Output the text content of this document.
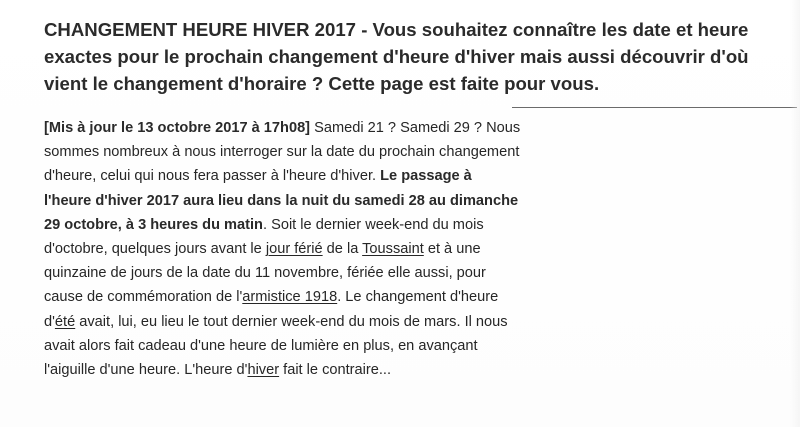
CHANGEMENT HEURE HIVER 2017 - Vous souhaitez connaître les date et heure exactes pour le prochain changement d'heure d'hiver mais aussi découvrir d'où vient le changement d'horaire ? Cette page est faite pour vous.

[Mis à jour le 13 octobre 2017 à 17h08] Samedi 21 ? Samedi 29 ? Nous sommes nombreux à nous interroger sur la date du prochain changement d'heure, celui qui nous fera passer à l'heure d'hiver. Le passage à l'heure d'hiver 2017 aura lieu dans la nuit du samedi 28 au dimanche 29 octobre, à 3 heures du matin. Soit le dernier week-end du mois d'octobre, quelques jours avant le jour férié de la Toussaint et à une quinzaine de jours de la date du 11 novembre, fériée elle aussi, pour cause de commémoration de l'armistice 1918. Le changement d'heure d'été avait, lui, eu lieu le tout dernier week-end du mois de mars. Il nous avait alors fait cadeau d'une heure de lumière en plus, en avançant l'aiguille d'une heure. L'heure d'hiver fait le contraire...
